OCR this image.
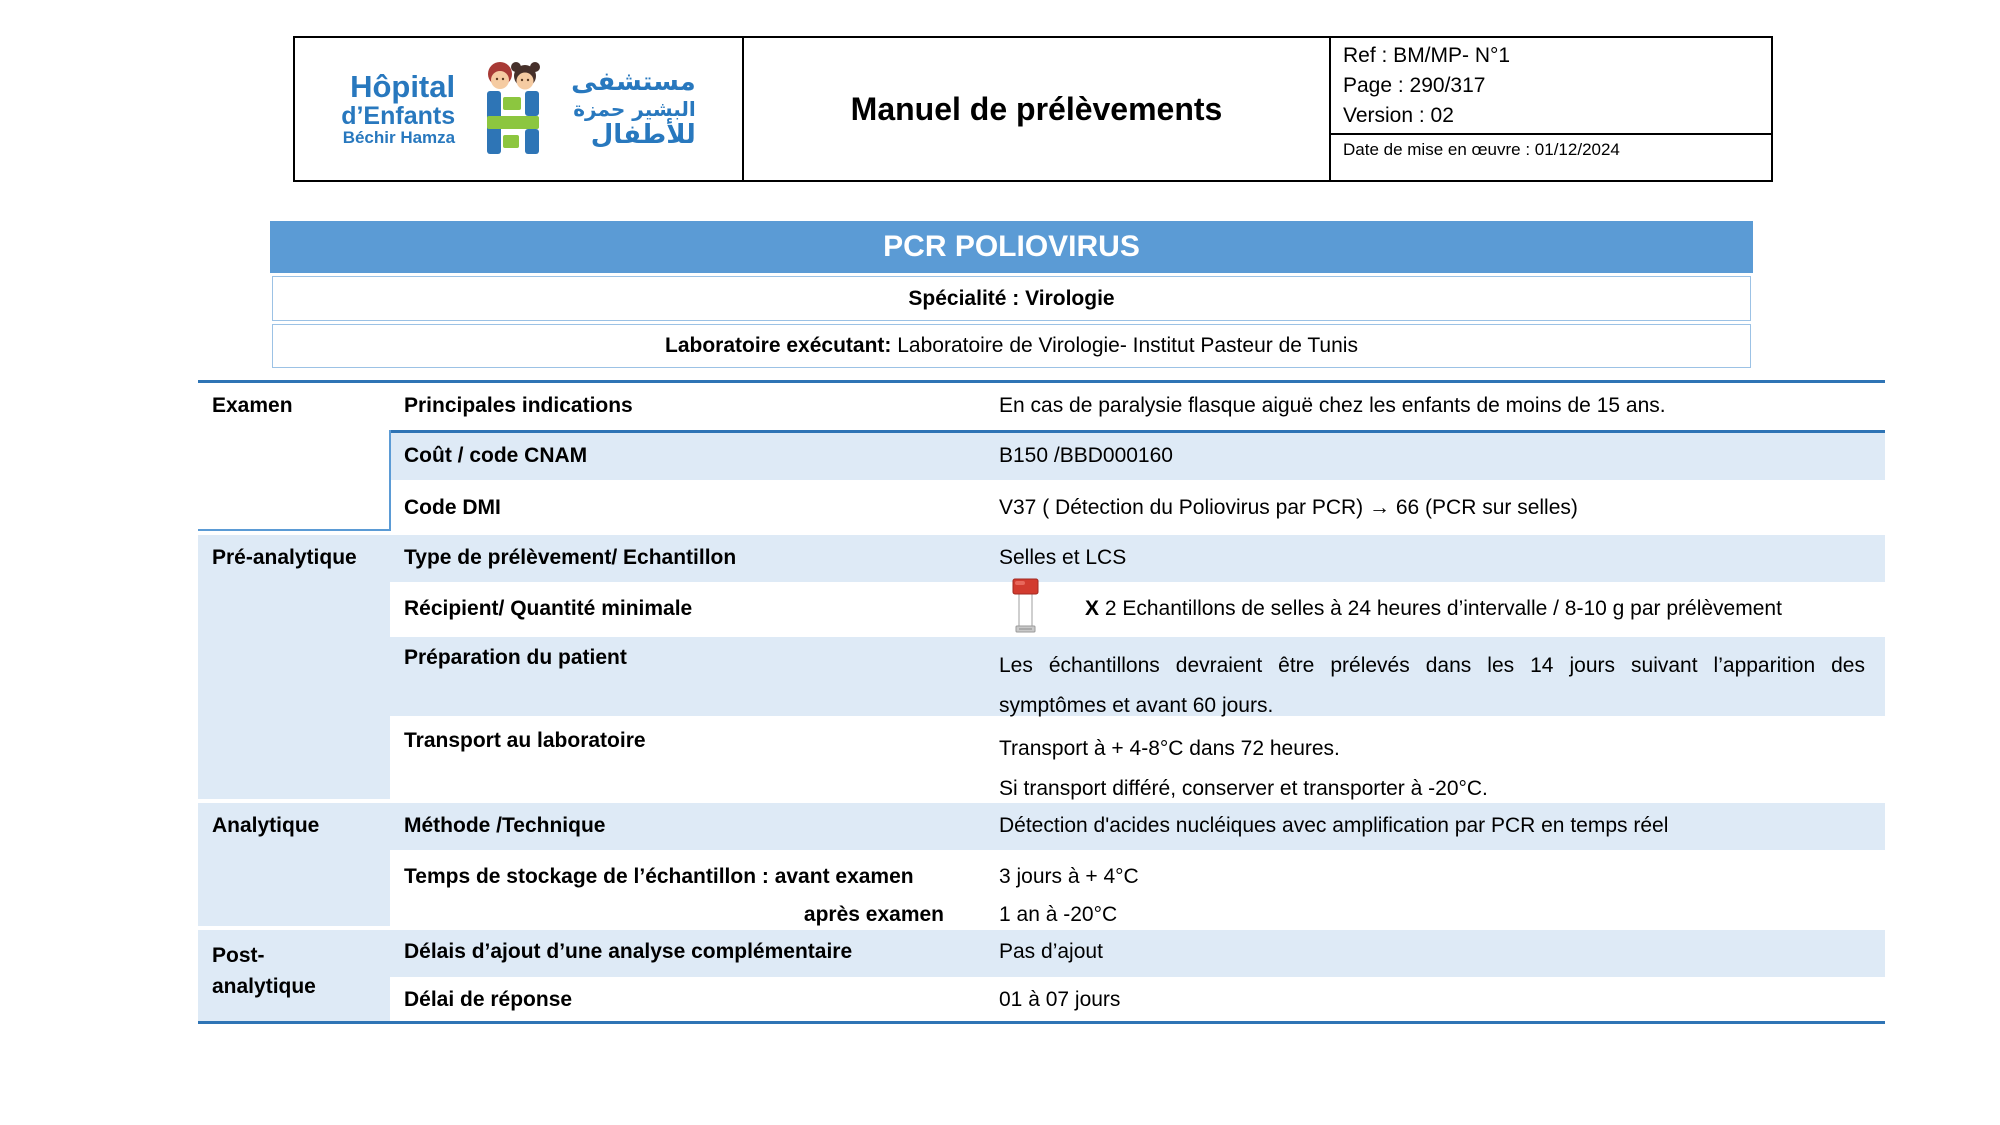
Hôpital
d’Enfants
Béchir Hamza
مستشفى
البشير حمزة
للأطفال
Manuel de prélèvements
Ref : BM/MP- N°1
Page : 290/317
Version : 02
Date de mise en œuvre : 01/12/2024
PCR POLIOVIRUS
Spécialité : Virologie
Laboratoire exécutant: Laboratoire de Virologie- Institut Pasteur de Tunis
Examen
Pré-analytique
Analytique
Post-
analytique
Principales indications
Coût / code CNAM
Code DMI
Type de prélèvement/ Echantillon
Récipient/ Quantité minimale
Préparation du patient
Transport au laboratoire
Méthode /Technique
Temps de stockage de l’échantillon : avant examen
après examen
Délais d’ajout d’une analyse complémentaire
Délai de réponse
En cas de paralysie flasque aiguë chez les enfants de moins de 15 ans.
B150 /BBD000160
V37 ( Détection du Poliovirus par PCR) → 66 (PCR sur selles)
Selles et LCS
X 2 Echantillons de selles à 24 heures d’intervalle / 8-10 g par prélèvement
Les échantillons devraient être prélevés dans les 14 jours suivant l’apparition des
symptômes et avant 60 jours.
Transport à + 4-8°C dans 72 heures.
Si transport différé, conserver et transporter à -20°C.
Détection d'acides nucléiques avec amplification par PCR en temps réel
3 jours à + 4°C
1 an à -20°C
Pas d’ajout
01 à 07 jours
